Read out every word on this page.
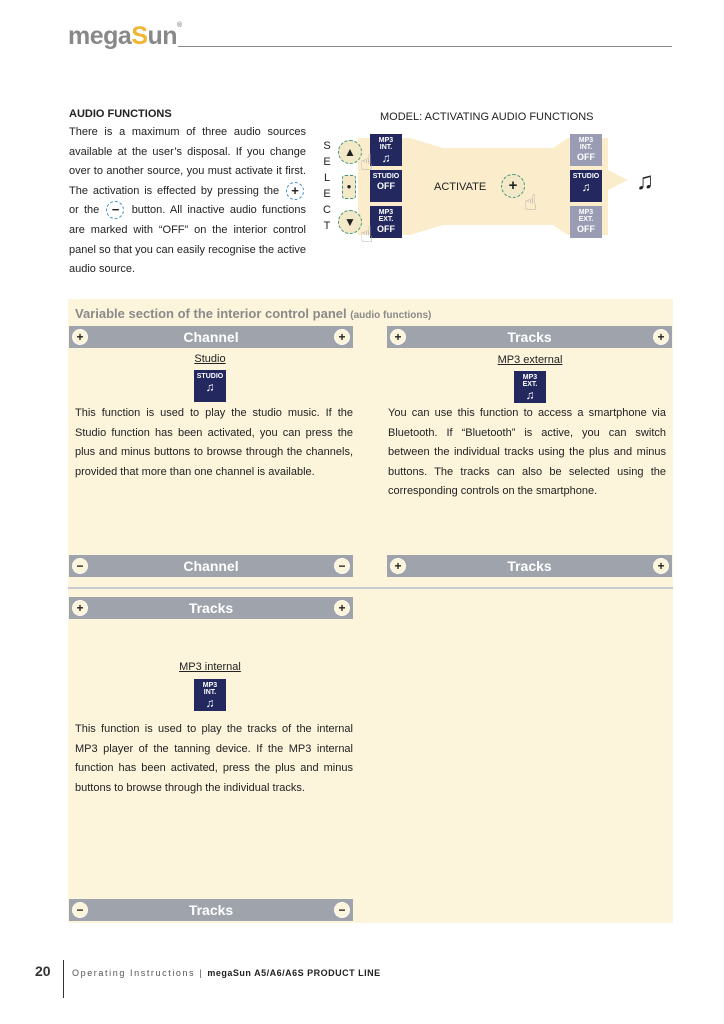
megaSun®
AUDIO FUNCTIONS

There is a maximum of three audio sources available at the user’s disposal. If you change over to another source, you must activate it first. The activation is effected by pressing the + or the − button. All inactive audio functions are marked with “OFF” on the interior control panel so that you can easily recognise the active audio source.

MODEL: ACTIVATING AUDIO FUNCTIONS
S
E
L
E
C
T
▲
●
▼
MP3
INT.
♫
STUDIO
OFF
MP3
EXT.
OFF
☝
☝
ACTIVATE	+
☝
MP3
INT.
OFF
STUDIO
♫
MP3
EXT.
OFF
♫
Variable section of the interior control panel (audio functions)
+	Channel	+
Studio
STUDIO
♫
This function is used to play the studio music. If the Studio function has been activated, you can press the plus and minus buttons to browse through the channels, provided that more than one channel is available.
−	Channel	−
+	Tracks	+
MP3 external
MP3
EXT.
♫
You can use this function to access a smartphone via Bluetooth. If “Bluetooth” is active, you can switch between the individual tracks using the plus and minus buttons. The tracks can also be selected using the corresponding controls on the smartphone.
+	Tracks	+
+	Tracks	+
MP3 internal
MP3
INT.
♫
This function is used to play the tracks of the internal MP3 player of the tanning device. If the MP3 internal function has been activated, press the plus and minus buttons to browse through the individual tracks.
−	Tracks	−
20 Operating Instructions | megaSun A5/A6/A6S PRODUCT LINE
